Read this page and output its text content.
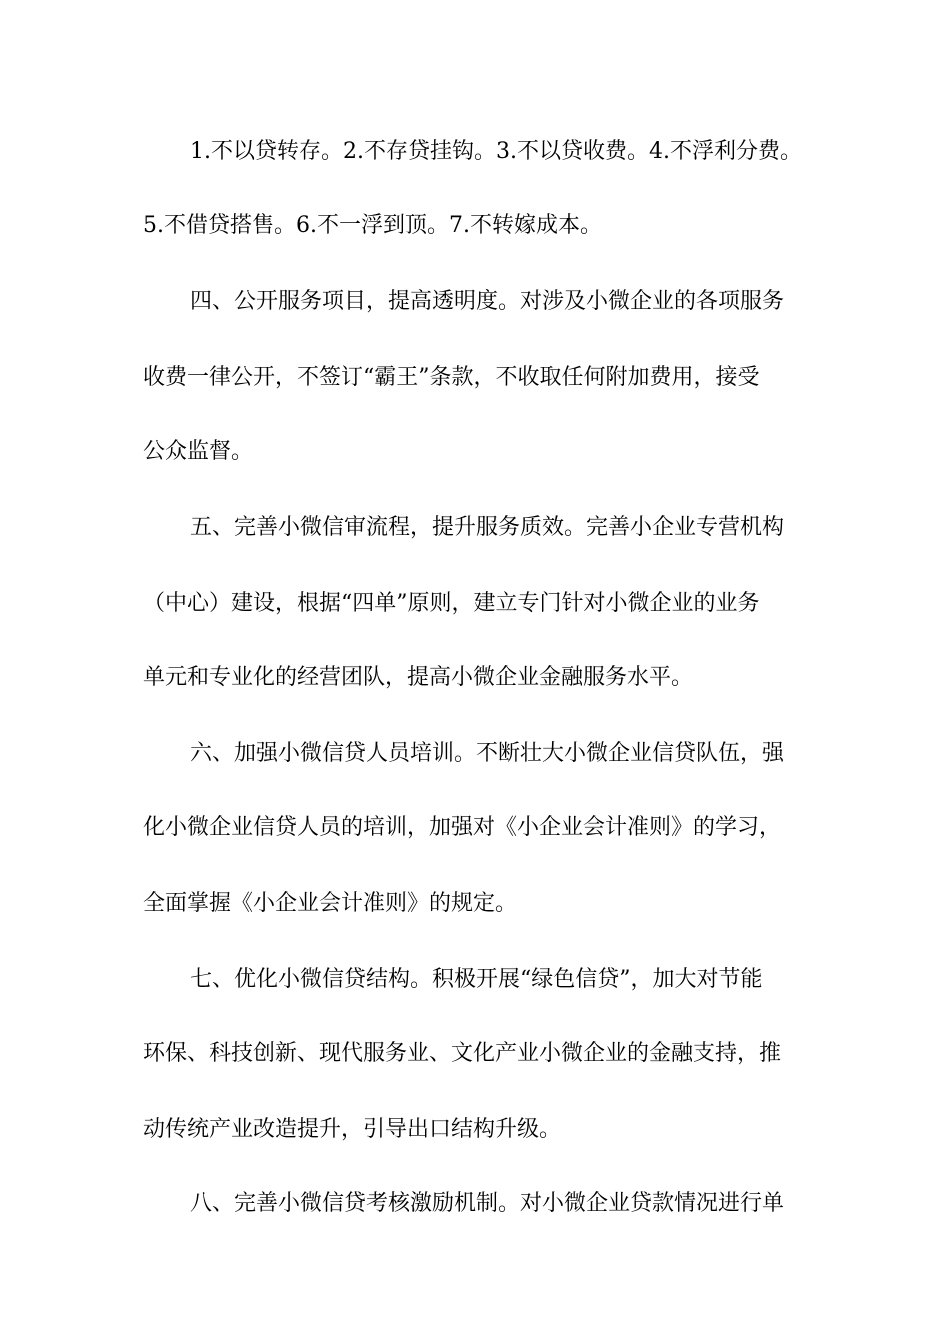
1.不以贷转存。2.不存贷挂钩。3.不以贷收费。4.不浮利分费。
5.不借贷搭售。6.不一浮到顶。7.不转嫁成本。
四、公开服务项目，提高透明度。对涉及小微企业的各项服务
收费一律公开，不签订“霸王”条款，不收取任何附加费用，接受
公众监督。
五、完善小微信审流程，提升服务质效。完善小企业专营机构
（中心）建设，根据“四单”原则，建立专门针对小微企业的业务
单元和专业化的经营团队，提高小微企业金融服务水平。
六、加强小微信贷人员培训。不断壮大小微企业信贷队伍，强
化小微企业信贷人员的培训，加强对《小企业会计准则》的学习，
全面掌握《小企业会计准则》的规定。
七、优化小微信贷结构。积极开展“绿色信贷”，加大对节能
环保、科技创新、现代服务业、文化产业小微企业的金融支持，推
动传统产业改造提升，引导出口结构升级。
八、完善小微信贷考核激励机制。对小微企业贷款情况进行单
